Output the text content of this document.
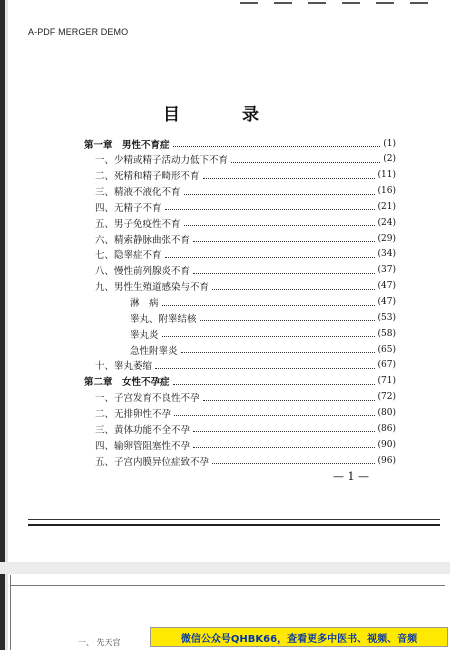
A-PDF MERGER DEMO
目 录
第一章　男性不育症	(1)
一、少精或精子活动力低下不育	(2)
二、死精和精子畸形不育	(11)
三、精液不液化不育	(16)
四、无精子不育	(21)
五、男子免疫性不育	(24)
六、精索静脉曲张不育	(29)
七、隐睾症不育	(34)
八、慢性前列腺炎不育	(37)
九、男性生殖道感染与不育	(47)
淋　病	(47)
睾丸、附睾结核	(53)
睾丸炎	(58)
急性附睾炎	(65)
十、睾丸萎缩	(67)
第二章　女性不孕症	(71)
一、子宫发育不良性不孕	(72)
二、无排卵性不孕	(80)
三、黄体功能不全不孕	(86)
四、输卵管阻塞性不孕	(90)
五、子宫内膜异位症致不孕	(96)
— 1 —
一、 先天宫	微信公众号QHBK66，查看更多中医书、视频、音频
